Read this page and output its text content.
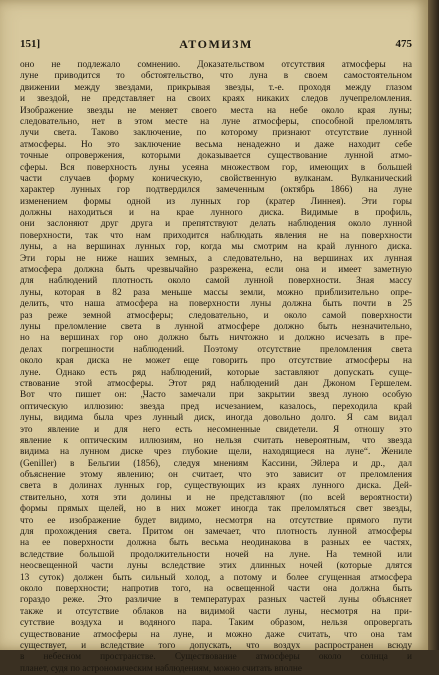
151]	АТОМИЗМ	475
оно не подлежало сомнению. Доказательством отсутствия атмосферы на
луне приводится то обстоятельство, что луна в своем самостоятельном
движении между звездами, прикрывая звезды, т.-е. проходя между глазом
и звездой, не представляет на своих краях никаких следов лучепреломления.
Изображение звезды не меняет своего места на небе около края луны;
следовательно, нет в этом месте на луне атмосферы, способной преломлять
лучи света. Таково заключение, по которому признают отсутствие лунной
атмосферы. Но это заключение весьма ненадежно и даже находит себе
точные опровержения, которыми доказывается существование лунной атмо-
сферы. Вся поверхность луны усеяна множеством гор, имеющих в большей
части случаев форму коническую, свойственную вулканам. Вулканический
характер лунных гор подтвердился замеченным (октябрь 1866) на луне
изменением формы одной из лунных гор (кратер Линнея). Эти горы
должны находиться и на крае лунного диска. Видимые в профиль,
они заслоняют друг друга и препятствуют делать наблюдения около лунной
поверхности, так что нам приходится наблюдать явления не на поверхности
луны, а на вершинах лунных гор, когда мы смотрим на край лунного диска.
Эти горы не ниже наших земных, а следовательно, на вершинах их лунная
атмосфера должна быть чрезвычайно разрежена, если она и имеет заметную
для наблюдений плотность около самой лунной поверхности. Зная массу
луны, которая в 82 раза меньше массы земли, можно приблизительно опре-
делить, что наша атмосфера на поверхности луны должна быть почти в 25
раз реже земной атмосферы; следовательно, и около самой поверхности
луны преломление света в лунной атмосфере должно быть незначительно,
но на вершинах гор оно должно быть ничтожно и должно исчезать в пре-
делах погрешности наблюдений. Поэтому отсутствие преломления света
около края диска не может еще говорить про отсутствие атмосферы на
луне. Однако есть ряд наблюдений, которые заставляют допускать суще-
ствование этой атмосферы. Этот ряд наблюдений дан Джоном Гершелем.
Вот что пишет он: „Часто замечали при закрытии звезд луною особую
оптическую иллюзию: звезда пред исчезанием, казалось, переходила край
луны, видима была чрез лунный диск, иногда довольно долго. Я сам видал
это явление и для него есть несомненные свидетели. Я отношу это
явление к оптическим иллюзиям, но нельзя считать невероятным, что звезда
видима на лунном диске чрез глубокие щели, находящиеся на луне“. Жениле
(Geniller) в Бельгии (1856), следуя мнениям Кассини, Эйлера и др., дал
объяснение этому явлению; он считает, что это зависит от преломления
света в долинах лунных гор, существующих из краях лунного диска. Дей-
ствительно, хотя эти долины и не представляют (по всей вероятности)
формы прямых щелей, но в них может иногда так преломляться свет звезды,
что ее изображение будет видимо, несмотря на отсутствие прямого пути
для прохождения света. Притом он замечает, что плотность лунной атмосферы
на ее поверхности должна быть весьма неодинакова в разных ее частях,
вследствие большой продолжительности ночей на луне. На темной или
неосвещенной части луны вследствие этих длинных ночей (которые длятся
13 суток) должен быть сильный холод, а потому и более сгущенная атмосфера
около поверхности; напротив того, на освещенной части она должна быть
гораздо реже. Это различие в температурах разных частей луны объясняет
также и отсутствие облаков на видимой части луны, несмотря на при-
сутствие воздуха и водяного пара. Таким образом, нельзя опровергать
существование атмосферы на луне, и можно даже считать, что она там
существует, и вследствие того допускать, что воздух распространен всюду
в небесном пространстве. Существование атмосферы около солнца и
планет, судя по астрономическим наблюдениям, можно считать вполне
